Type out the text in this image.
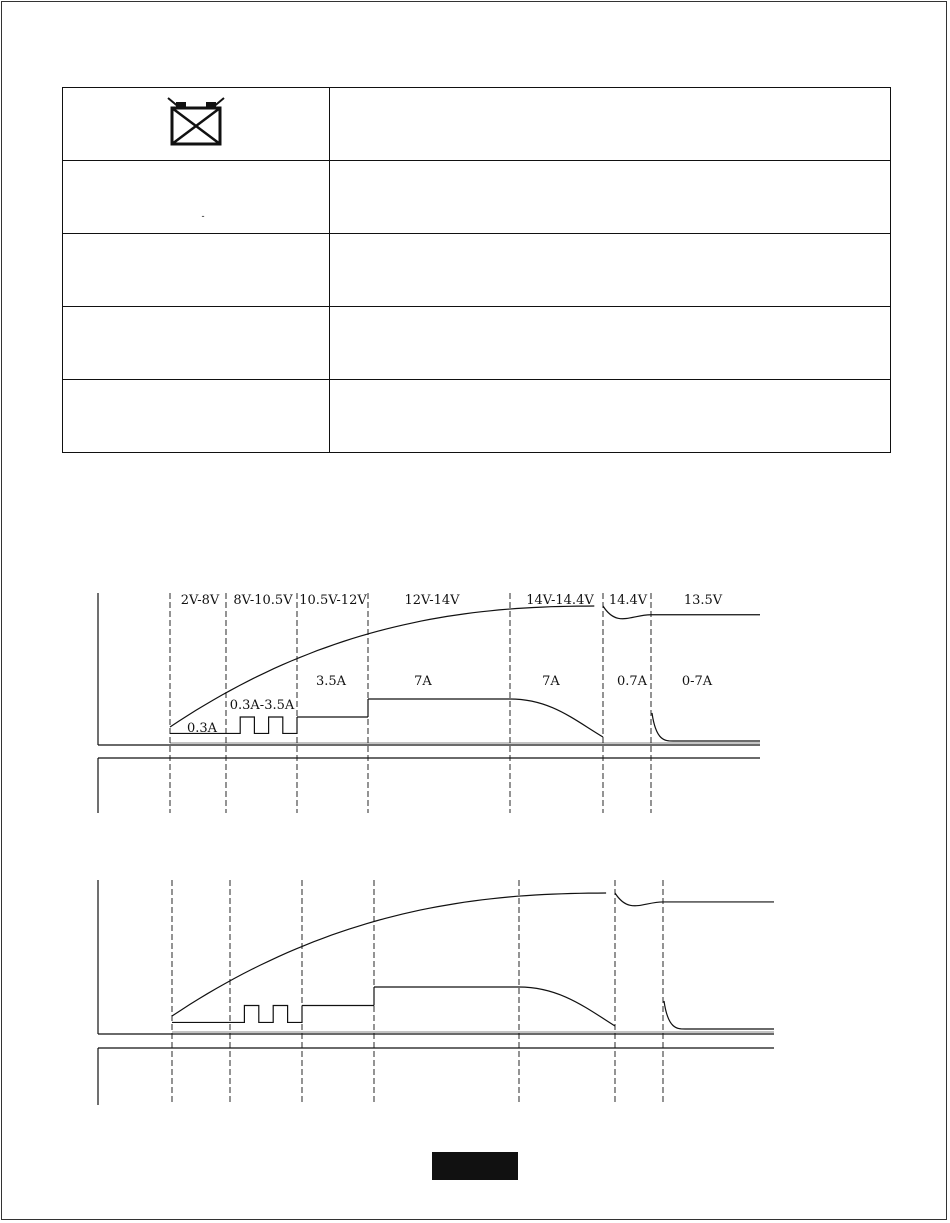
-	

2V-8V
0.3A
8V-10.5V
0.3A-3.5A
10.5V-12V
3.5A
12V-14V
7A
14V-14.4V
7A
14.4V
0.7A
13.5V
0-7A
